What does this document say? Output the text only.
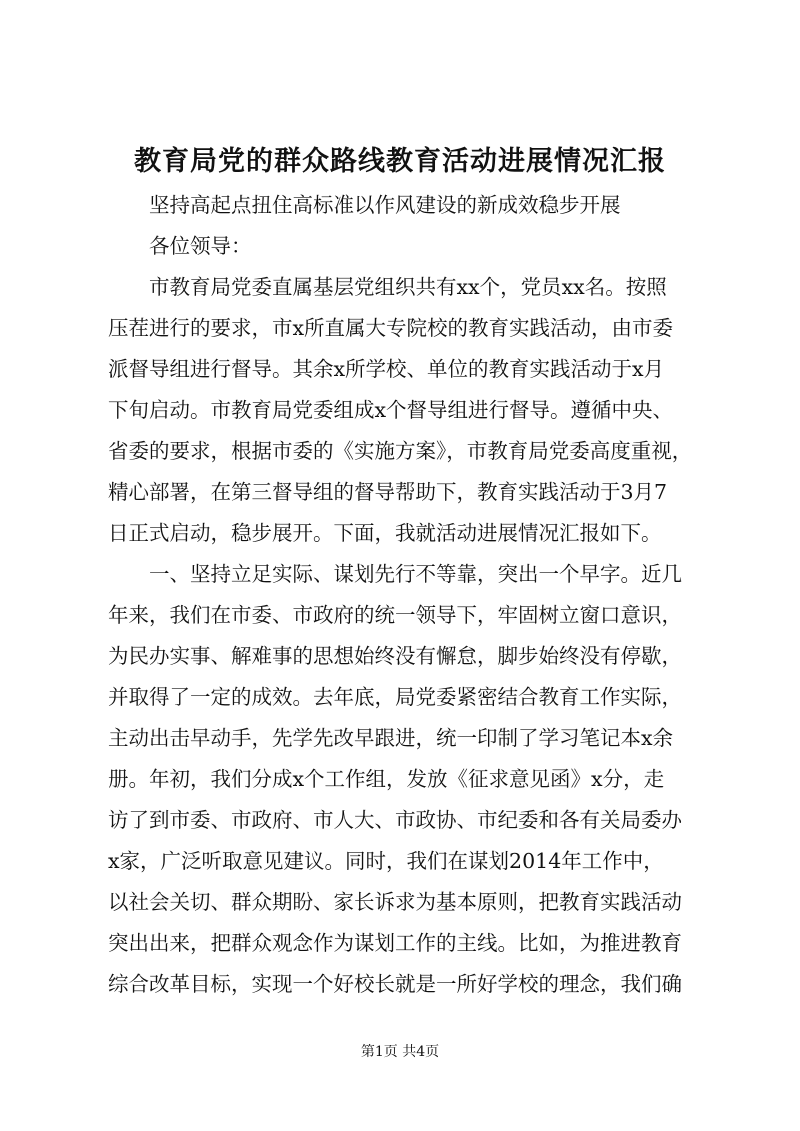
教育局党的群众路线教育活动进展情况汇报
坚持高起点扭住高标准以作风建设的新成效稳步开展
各位领导：
市教育局党委直属基层党组织共有xx个，党员xx名。按照
压茬进行的要求，市x所直属大专院校的教育实践活动，由市委
派督导组进行督导。其余x所学校、单位的教育实践活动于x月
下旬启动。市教育局党委组成x个督导组进行督导。遵循中央、
省委的要求，根据市委的《实施方案》，市教育局党委高度重视，
精心部署，在第三督导组的督导帮助下，教育实践活动于3月7
日正式启动，稳步展开。下面，我就活动进展情况汇报如下。
一、坚持立足实际、谋划先行不等靠，突出一个早字。近几
年来，我们在市委、市政府的统一领导下，牢固树立窗口意识，
为民办实事、解难事的思想始终没有懈怠，脚步始终没有停歇，
并取得了一定的成效。去年底，局党委紧密结合教育工作实际，
主动出击早动手，先学先改早跟进，统一印制了学习笔记本x余
册。年初，我们分成x个工作组，发放《征求意见函》x分，走
访了到市委、市政府、市人大、市政协、市纪委和各有关局委办
x家，广泛听取意见建议。同时，我们在谋划2014年工作中，
以社会关切、群众期盼、家长诉求为基本原则，把教育实践活动
突出出来，把群众观念作为谋划工作的主线。比如，为推进教育
综合改革目标，实现一个好校长就是一所好学校的理念，我们确
第1页 共4页
